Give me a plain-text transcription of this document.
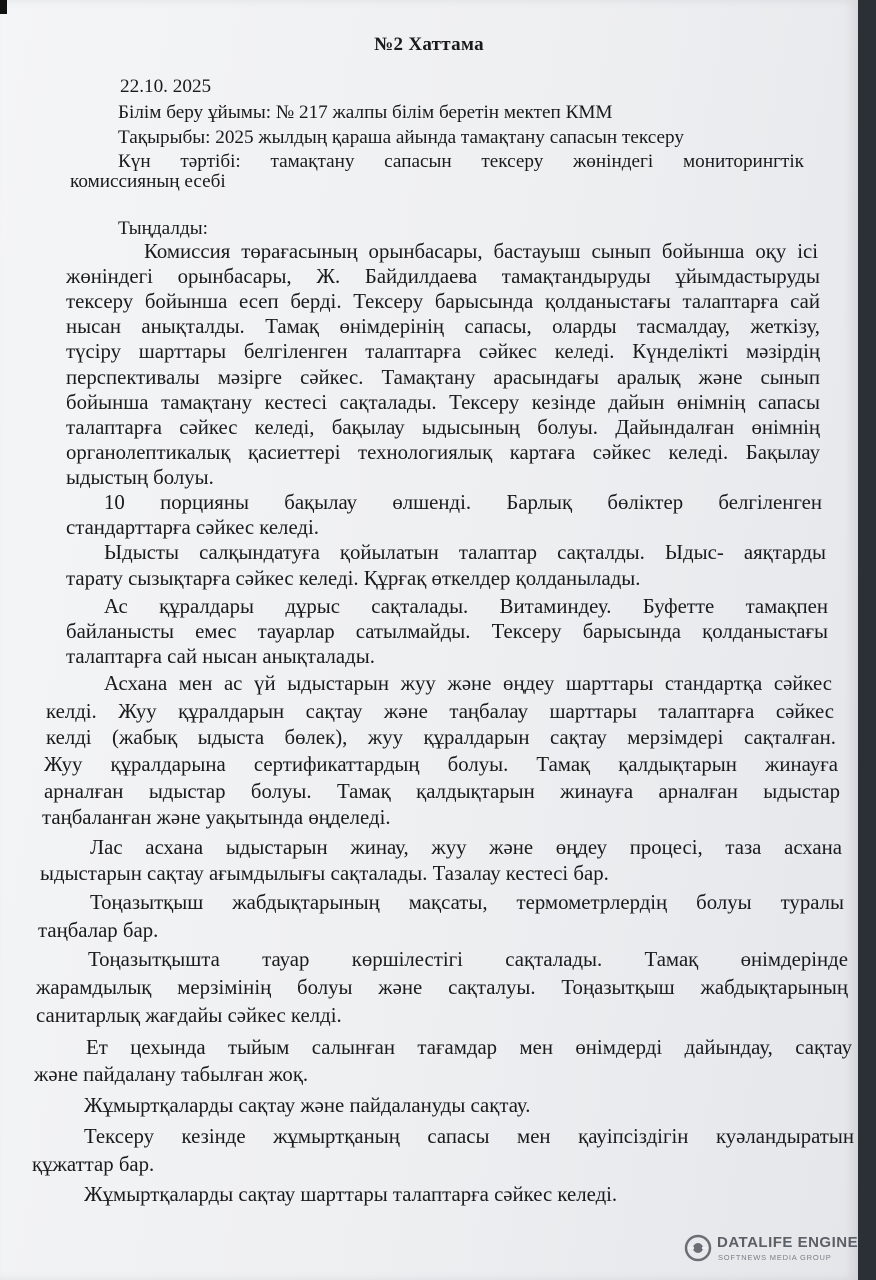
№2 Хаттама
22.10. 2025
Білім беру ұйымы: № 217 жалпы білім беретін мектеп КММ
Тақырыбы: 2025 жылдың қараша айында тамақтану сапасын тексеру
Күн тәртібі: тамақтану сапасын тексеру жөніндегі мониторингтік
комиссияның есебі
Тыңдалды:
Комиссия төрағасының орынбасары, бастауыш сынып бойынша оқу ісі
жөніндегі орынбасары, Ж. Байдилдаева тамақтандыруды ұйымдастыруды
тексеру бойынша есеп берді. Тексеру барысында қолданыстағы талаптарға сай
нысан анықталды. Тамақ өнімдерінің сапасы, оларды тасмалдау, жеткізу,
түсіру шарттары белгіленген талаптарға сәйкес келеді. Күнделікті мәзірдің
перспективалы мәзірге сәйкес. Тамақтану арасындағы аралық және сынып
бойынша тамақтану кестесі сақталады. Тексеру кезінде дайын өнімнің сапасы
талаптарға сәйкес келеді, бақылау ыдысының болуы. Дайындалған өнімнің
органолептикалық қасиеттері технологиялық картаға сәйкес келеді. Бақылау
ыдыстың болуы.
10 порцияны бақылау өлшенді. Барлық бөліктер белгіленген
стандарттарға сәйкес келеді.
Ыдысты салқындатуға қойылатын талаптар сақталды. Ыдыс- аяқтарды
тарату сызықтарға сәйкес келеді. Құрғақ өткелдер қолданылады.
Ас құралдары дұрыс сақталады. Витаминдеу. Буфетте тамақпен
байланысты емес тауарлар сатылмайды. Тексеру барысында қолданыстағы
талаптарға сай нысан анықталады.
Асхана мен ас үй ыдыстарын жуу және өңдеу шарттары стандартқа сәйкес
келді. Жуу құралдарын сақтау және таңбалау шарттары талаптарға сәйкес
келді (жабық ыдыста бөлек), жуу құралдарын сақтау мерзімдері сақталған.
Жуу құралдарына сертификаттардың болуы. Тамақ қалдықтарын жинауға
арналған ыдыстар болуы. Тамақ қалдықтарын жинауға арналған ыдыстар
таңбаланған және уақытында өңделеді.
Лас асхана ыдыстарын жинау, жуу және өңдеу процесі, таза асхана
ыдыстарын сақтау ағымдылығы сақталады. Тазалау кестесі бар.
Тоңазытқыш жабдықтарының мақсаты, термометрлердің болуы туралы
таңбалар бар.
Тоңазытқышта тауар көршілестігі сақталады. Тамақ өнімдерінде
жарамдылық мерзімінің болуы және сақталуы. Тоңазытқыш жабдықтарының
санитарлық жағдайы сәйкес келді.
Ет цехында тыйым салынған тағамдар мен өнімдерді дайындау, сақтау
және пайдалану табылған жоқ.
Жұмыртқаларды сақтау және пайдалануды сақтау.
Тексеру кезінде жұмыртқаның сапасы мен қауіпсіздігін куәландыратын
құжаттар бар.
Жұмыртқаларды сақтау шарттары талаптарға сәйкес келеді.
DATALIFE ENGINE
SOFTNEWS MEDIA GROUP
